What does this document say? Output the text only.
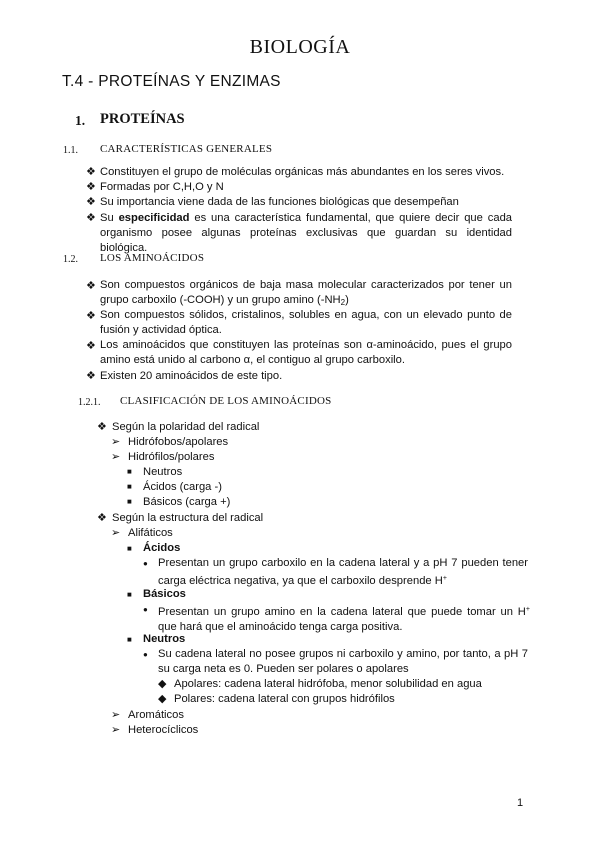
BIOLOGÍA
T.4 - PROTEÍNAS Y ENZIMAS
1. PROTEÍNAS
1.1. CARACTERÍSTICAS GENERALES
❖ Constituyen el grupo de moléculas orgánicas más abundantes en los seres vivos.
❖ Formadas por C,H,O y N
❖ Su importancia viene dada de las funciones biológicas que desempeñan
❖ Su especificidad es una característica fundamental, que quiere decir que cada organismo posee algunas proteínas exclusivas que guardan su identidad biológica.
1.2. LOS AMINOÁCIDOS
❖ Son compuestos orgánicos de baja masa molecular caracterizados por tener un grupo carboxilo (-COOH) y un grupo amino $(-NH_2)$
❖ Son compuestos sólidos, cristalinos, solubles en agua, con un elevado punto de fusión y actividad óptica.
❖ Los aminoácidos que constituyen las proteínas son α-aminoácido, pues el grupo amino está unido al carbono α, el contiguo al grupo carboxilo.
❖ Existen 20 aminoácidos de este tipo.
1.2.1. CLASIFICACIÓN DE LOS AMINOÁCIDOS
❖ Según la polaridad del radical
➢ Hidrófobos/apolares
➢ Hidrófilos/polares
■ Neutros
■ Ácidos (carga -)
■ Básicos (carga +)
❖ Según la estructura del radical
➢ Alifáticos
■ Ácidos
● Presentan un grupo carboxilo en la cadena lateral y a pH 7 pueden tener carga eléctrica negativa, ya que el carboxilo desprende H+
■ Básicos
● Presentan un grupo amino en la cadena lateral que puede tomar un H+ que hará que el aminoácido tenga carga positiva.
■ Neutros
● Su cadena lateral no posee grupos ni carboxilo y amino, por tanto, a pH 7 su carga neta es 0. Pueden ser polares o apolares
◆ Apolares: cadena lateral hidrófoba, menor solubilidad en agua
◆ Polares: cadena lateral con grupos hidrófilos
➢ Aromáticos
➢ Heterocíclicos
1
